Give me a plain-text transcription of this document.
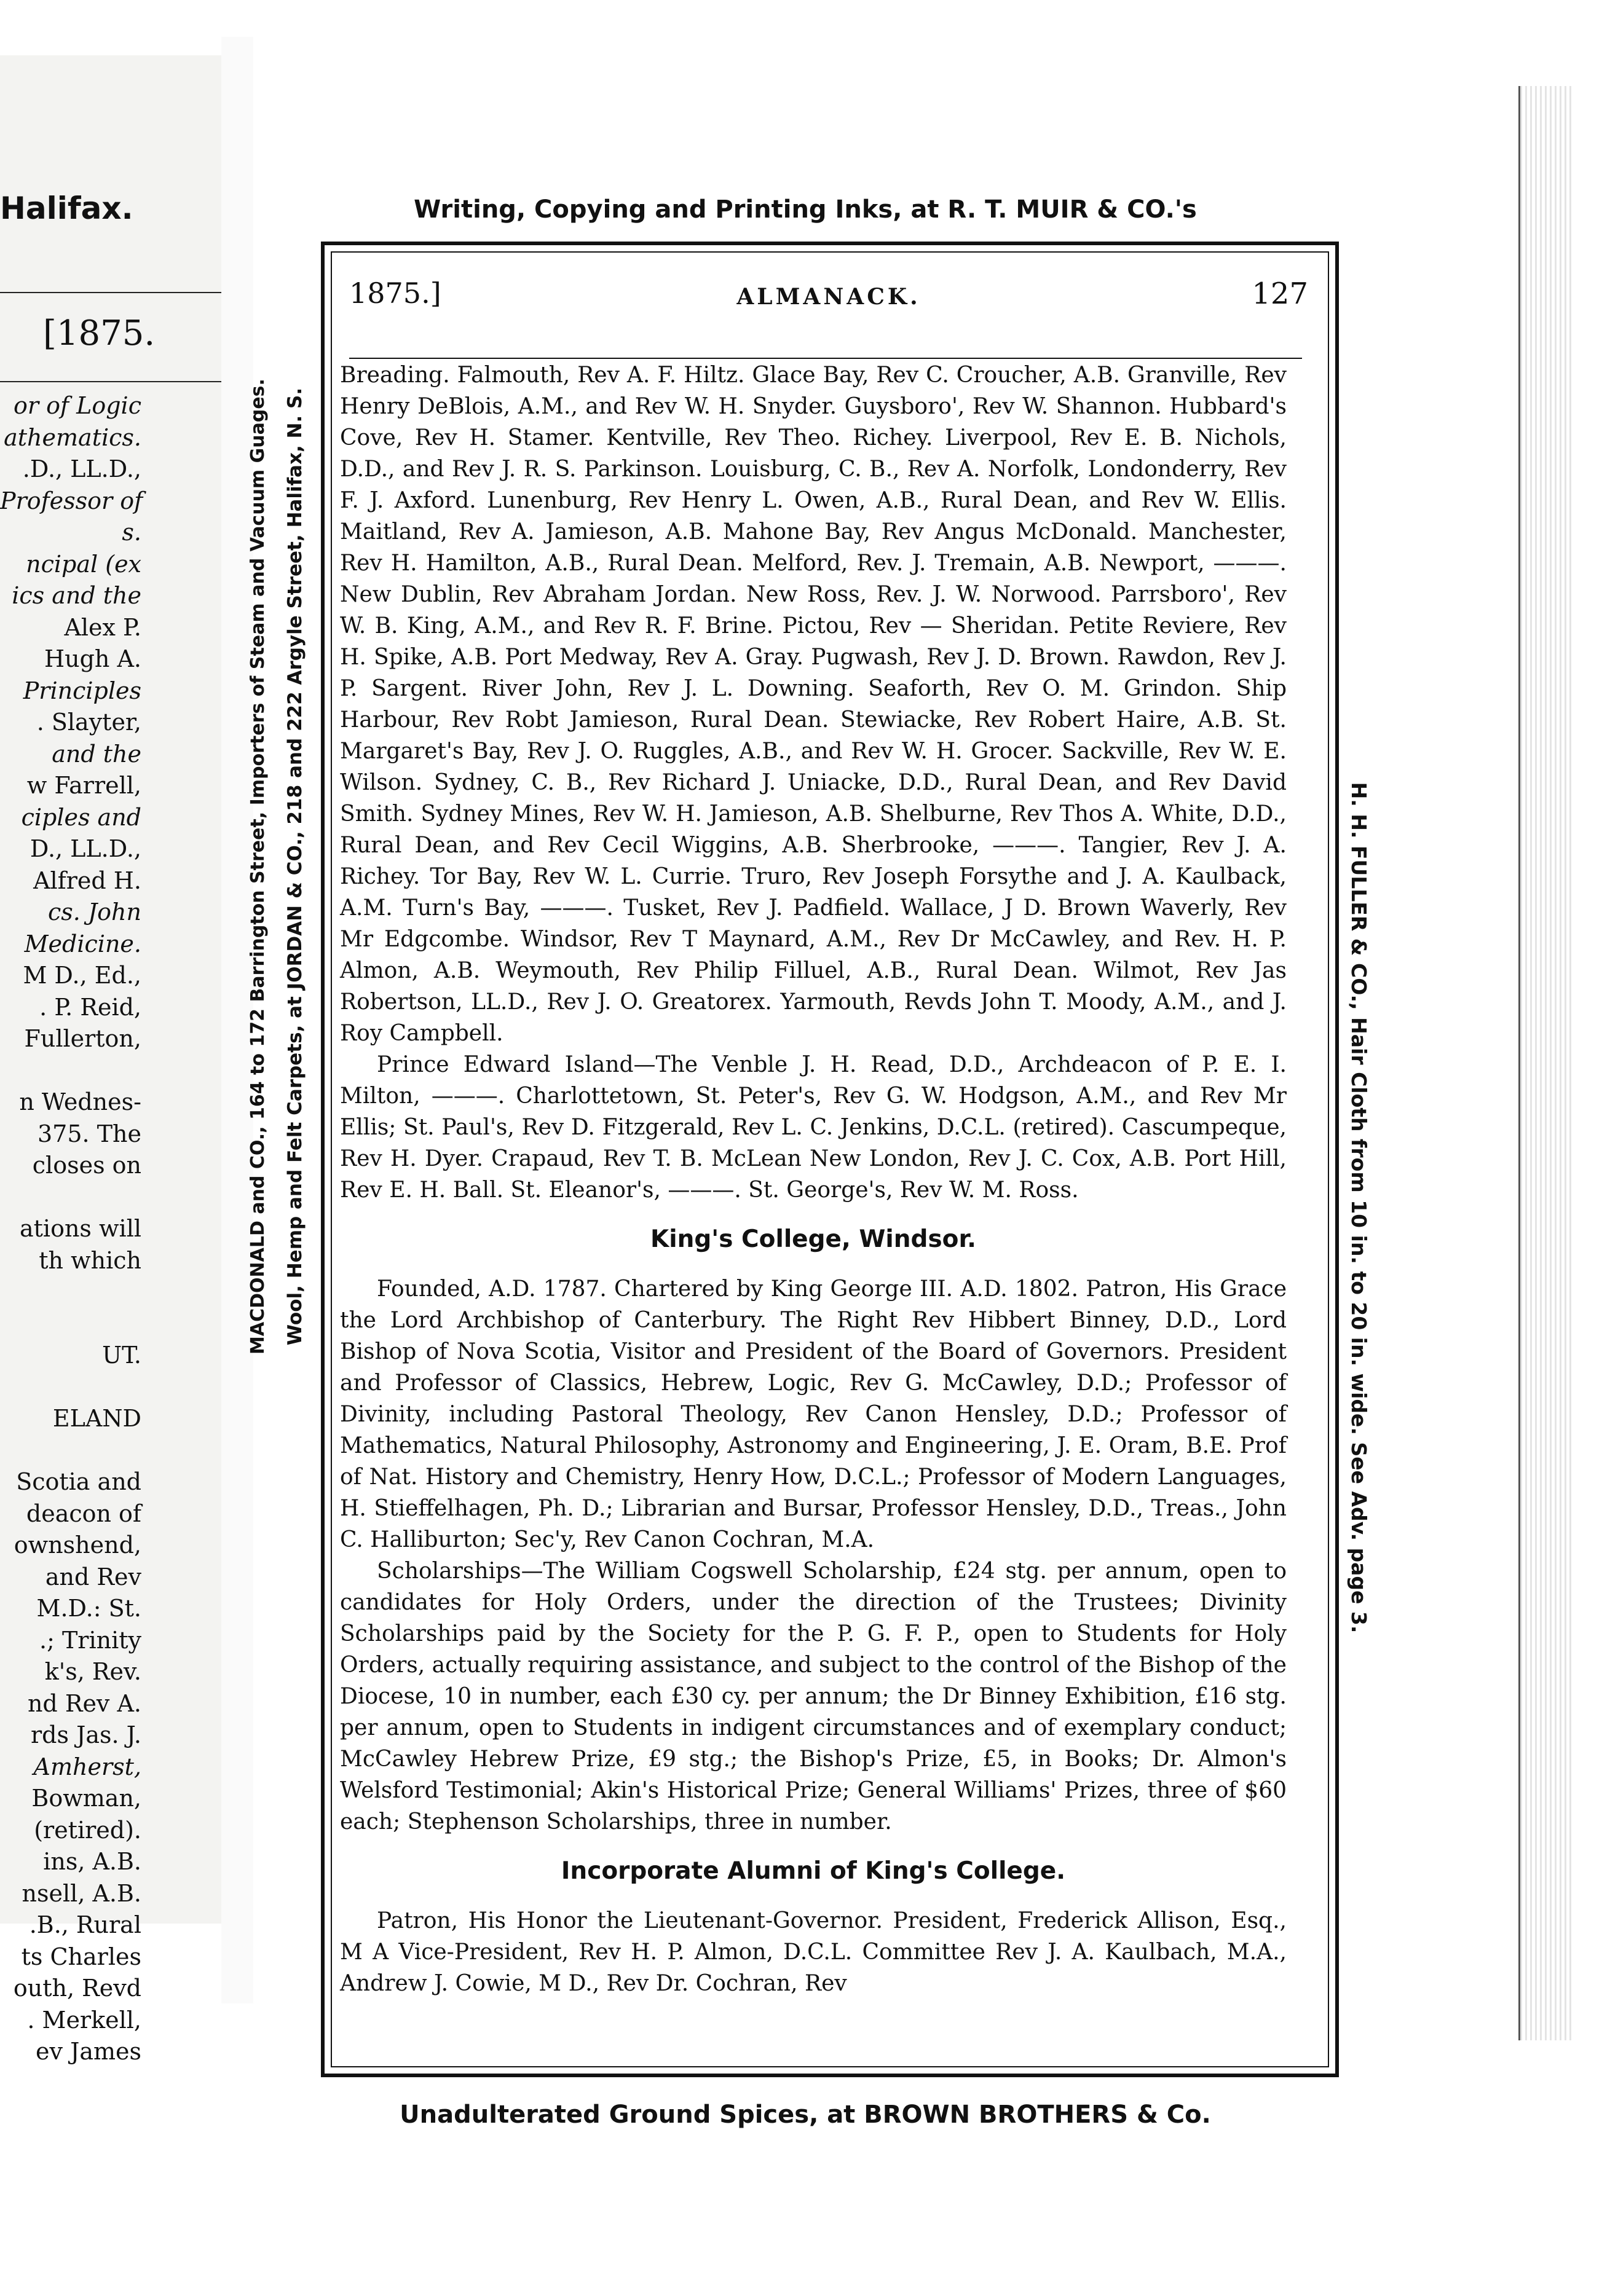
Halifax.
[1875.
or of Logic
athematics.
.D., LL.D.,
Professor of
s.
ncipal (ex
ics and the
Alex P.
Hugh A.
Principles
. Slayter,
and the
w Farrell,
ciples and
D., LL.D.,
Alfred H.
cs. John
Medicine.
M D., Ed.,
. P. Reid,
Fullerton,
n Wednes-
375. The
closes on
ations will
th which
UT.
ELAND
Scotia and
deacon of
ownshend,
and Rev
M.D.: St.
.; Trinity
k's, Rev.
nd Rev A.
rds Jas. J.
Amherst,
Bowman,
(retired).
ins, A.B.
nsell, A.B.
.B., Rural
ts Charles
outh, Revd
. Merkell,
ev James
Writing, Copying and Printing Inks, at R. T. MUIR & CO.'s
Unadulterated Ground Spices, at BROWN BROTHERS & Co.
MACDONALD and CO., 164 to 172 Barrington Street, Importers of Steam and Vacuum Guages. Wool, Hemp and Felt Carpets, at JORDAN & CO., 218 and 222 Argyle Street, Halifax, N. S.	H. H. FULLER & CO., Hair Cloth from 10 in. to 20 in. wide. See Adv. page 3.
1875.]	ALMANACK.	127

Breading. Falmouth, Rev A. F. Hiltz. Glace Bay, Rev C. Croucher, A.B. Granville, Rev Henry DeBlois, A.M., and Rev W. H. Snyder. Guysboro', Rev W. Shannon. Hubbard's Cove, Rev H. Stamer. Kentville, Rev Theo. Richey. Liverpool, Rev E. B. Nichols, D.D., and Rev J. R. S. Parkinson. Louisburg, C. B., Rev A. Norfolk, Londonderry, Rev F. J. Axford. Lunenburg, Rev Henry L. Owen, A.B., Rural Dean, and Rev W. Ellis. Maitland, Rev A. Jamieson, A.B. Mahone Bay, Rev Angus McDonald. Manchester, Rev H. Hamilton, A.B., Rural Dean. Melford, Rev. J. Tremain, A.B. Newport, ———. New Dublin, Rev Abraham Jordan. New Ross, Rev. J. W. Norwood. Parrsboro', Rev W. B. King, A.M., and Rev R. F. Brine. Pictou, Rev — Sheridan. Petite Reviere, Rev H. Spike, A.B. Port Medway, Rev A. Gray. Pugwash, Rev J. D. Brown. Rawdon, Rev J. P. Sargent. River John, Rev J. L. Downing. Seaforth, Rev O. M. Grindon. Ship Harbour, Rev Robt Jamieson, Rural Dean. Stewiacke, Rev Robert Haire, A.B. St. Margaret's Bay, Rev J. O. Ruggles, A.B., and Rev W. H. Grocer. Sackville, Rev W. E. Wilson. Sydney, C. B., Rev Richard J. Uniacke, D.D., Rural Dean, and Rev David Smith. Sydney Mines, Rev W. H. Jamieson, A.B. Shelburne, Rev Thos A. White, D.D., Rural Dean, and Rev Cecil Wiggins, A.B. Sherbrooke, ———. Tangier, Rev J. A. Richey. Tor Bay, Rev W. L. Currie. Truro, Rev Joseph Forsythe and J. A. Kaulback, A.M. Turn's Bay, ———. Tusket, Rev J. Padfield. Wallace, J D. Brown Waverly, Rev Mr Edgcombe. Windsor, Rev T Maynard, A.M., Rev Dr McCawley, and Rev. H. P. Almon, A.B. Weymouth, Rev Philip Filluel, A.B., Rural Dean. Wilmot, Rev Jas Robertson, LL.D., Rev J. O. Greatorex. Yarmouth, Revds John T. Moody, A.M., and J. Roy Campbell.

Prince Edward Island—The Venble J. H. Read, D.D., Archdeacon of P. E. I. Milton, ———. Charlottetown, St. Peter's, Rev G. W. Hodgson, A.M., and Rev Mr Ellis; St. Paul's, Rev D. Fitzgerald, Rev L. C. Jenkins, D.C.L. (retired). Cascumpeque, Rev H. Dyer. Crapaud, Rev T. B. McLean New London, Rev J. C. Cox, A.B. Port Hill, Rev E. H. Ball. St. Eleanor's, ———. St. George's, Rev W. M. Ross.

King's College, Windsor.

Founded, A.D. 1787. Chartered by King George III. A.D. 1802. Patron, His Grace the Lord Archbishop of Canterbury. The Right Rev Hibbert Binney, D.D., Lord Bishop of Nova Scotia, Visitor and President of the Board of Governors. President and Professor of Classics, Hebrew, Logic, Rev G. McCawley, D.D.; Professor of Divinity, including Pastoral Theology, Rev Canon Hensley, D.D.; Professor of Mathematics, Natural Philosophy, Astronomy and Engineering, J. E. Oram, B.E. Prof of Nat. History and Chemistry, Henry How, D.C.L.; Professor of Modern Languages, H. Stieffelhagen, Ph. D.; Librarian and Bursar, Professor Hensley, D.D., Treas., John C. Halliburton; Sec'y, Rev Canon Cochran, M.A.

Scholarships—The William Cogswell Scholarship, £24 stg. per annum, open to candidates for Holy Orders, under the direction of the Trustees; Divinity Scholarships paid by the Society for the P. G. F. P., open to Students for Holy Orders, actually requiring assistance, and subject to the control of the Bishop of the Diocese, 10 in number, each £30 cy. per annum; the Dr Binney Exhibition, £16 stg. per annum, open to Students in indigent circumstances and of exemplary conduct; McCawley Hebrew Prize, £9 stg.; the Bishop's Prize, £5, in Books; Dr. Almon's Welsford Testimonial; Akin's Historical Prize; General Williams' Prizes, three of $60 each; Stephenson Scholarships, three in number.

Incorporate Alumni of King's College.

Patron, His Honor the Lieutenant-Governor. President, Frederick Allison, Esq., M A Vice-President, Rev H. P. Almon, D.C.L. Committee Rev J. A. Kaulbach, M.A., Andrew J. Cowie, M D., Rev Dr. Cochran, Rev
